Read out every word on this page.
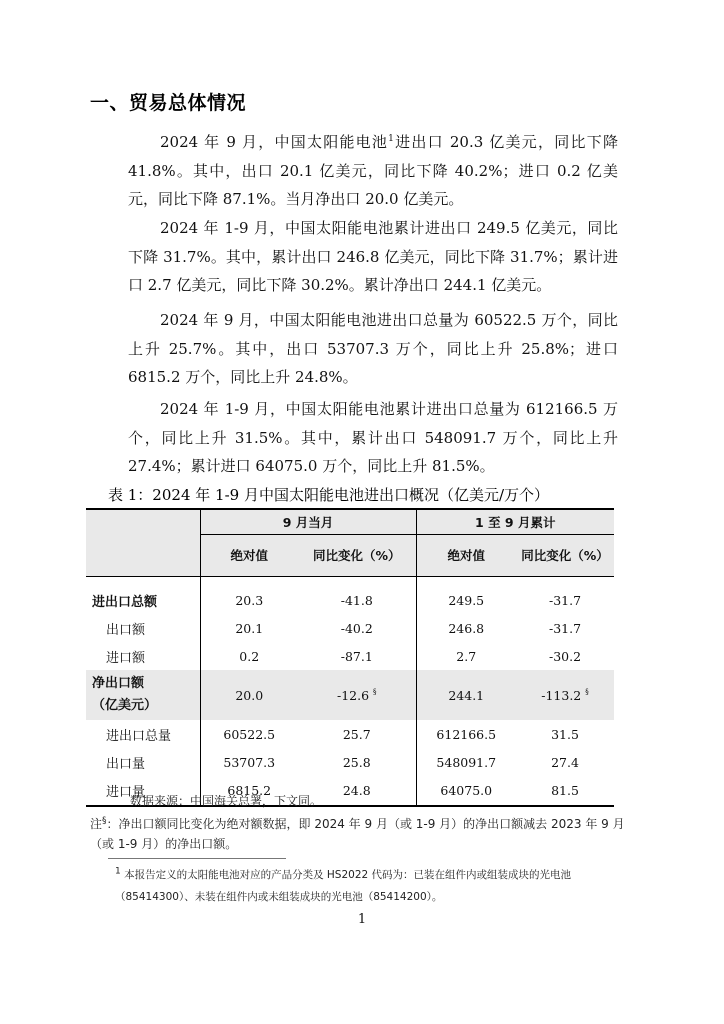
一、贸易总体情况

2024 年 9 月，中国太阳能电池$^1$进出口 20.3 亿美元，同比下降 41.8%。其中，出口 20.1 亿美元，同比下降 40.2%；进口 0.2 亿美元，同比下降 87.1%。当月净出口 20.0 亿美元。

2024 年 1-9 月，中国太阳能电池累计进出口 249.5 亿美元，同比下降 31.7%。其中，累计出口 246.8 亿美元，同比下降 31.7%；累计进口 2.7 亿美元，同比下降 30.2%。累计净出口 244.1 亿美元。

2024 年 9 月，中国太阳能电池进出口总量为 60522.5 万个，同比上升 25.7%。其中，出口 53707.3 万个，同比上升 25.8%；进口 6815.2 万个，同比上升 24.8%。

2024 年 1-9 月，中国太阳能电池累计进出口总量为 612166.5 万个，同比上升 31.5%。其中，累计出口 548091.7 万个，同比上升 27.4%；累计进口 64075.0 万个，同比上升 81.5%。

表 1：2024 年 1-9 月中国太阳能电池进出口概况（亿美元/万个）
	9 月当月		1 至 9 月累计	
	绝对值	同比变化（%）	绝对值	同比变化（%）

进出口总额	20.3	-41.8	249.5	-31.7
出口额	20.1	-40.2	246.8	-31.7
进口额	0.2	-87.1	2.7	-30.2
净出口额
（亿美元）	20.0	-12.6 §	244.1	-113.2 §
进出口总量	60522.5	25.7	612166.5	31.5
出口量	53707.3	25.8	548091.7	27.4
进口量	6815.2	24.8	64075.0	81.5
数据来源：中国海关总署，下文同。
注§：净出口额同比变化为绝对额数据，即 2024 年 9 月（或 1-9 月）的净出口额减去 2023 年 9 月（或 1-9 月）的净出口额。
1 本报告定义的太阳能电池对应的产品分类及 HS2022 代码为：已装在组件内或组装成块的光电池（85414300）、未装在组件内或未组装成块的光电池（85414200）。
1
